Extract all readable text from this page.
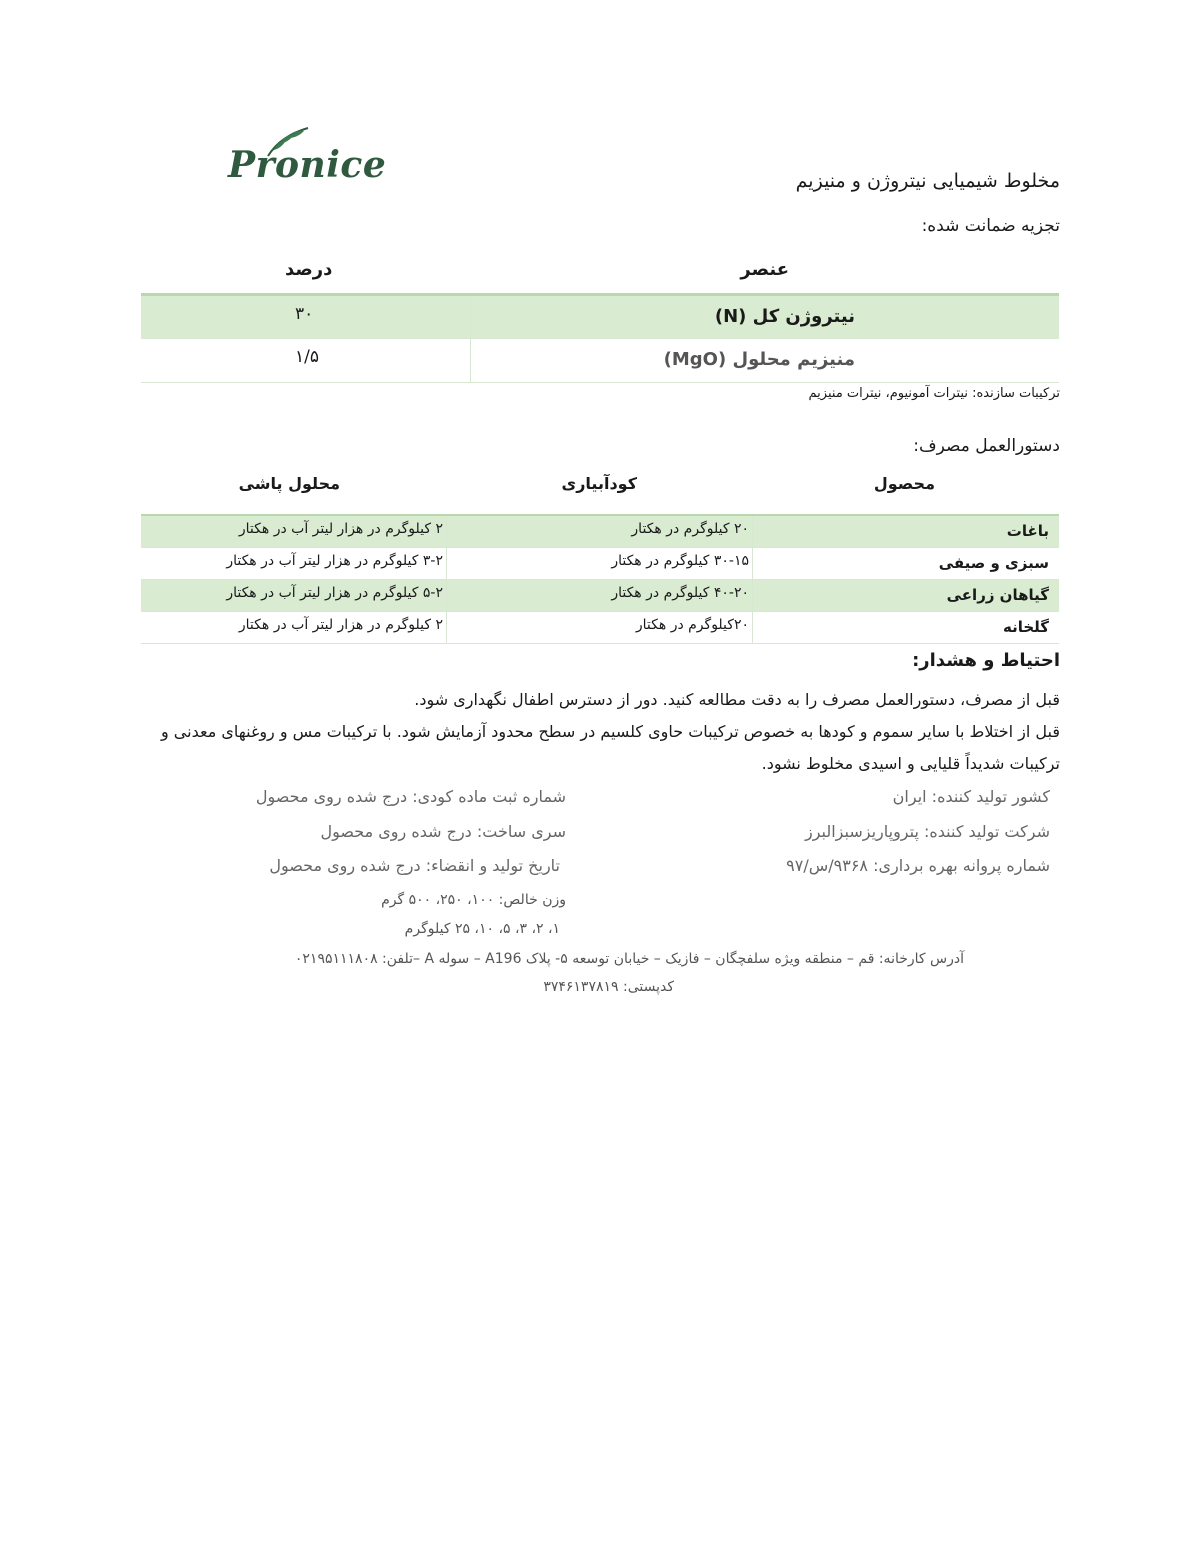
Pronice	مخلوط شیمیایی نیتروژن و منیزیم
تجزیه ضمانت شده:
عنصر
درصد
نیتروژن کل (N)
۳۰
منیزیم محلول (MgO)
۱/۵
ترکیبات سازنده: نیترات آمونیوم، نیترات منیزیم
دستورالعمل مصرف:
محصول
کودآبیاری
محلول پاشی
باغات
۲۰ کیلوگرم در هکتار
۲ کیلوگرم در هزار لیتر آب در هکتار
سبزی و صیفی
۳۰-۱۵ کیلوگرم در هکتار
۳-۲ کیلوگرم در هزار لیتر آب در هکتار
گیاهان زراعی
۴۰-۲۰ کیلوگرم در هکتار
۵-۲ کیلوگرم در هزار لیتر آب در هکتار
گلخانه
۲۰کیلوگرم در هکتار
۲ کیلوگرم در هزار لیتر آب در هکتار
احتیاط و هشدار:
قبل از مصرف، دستورالعمل مصرف را به دقت مطالعه کنید. دور از دسترس اطفال نگهداری شود.
قبل از اختلاط با سایر سموم و کودها به خصوص ترکیبات حاوی کلسیم در سطح محدود آزمایش شود. با ترکیبات مس و روغنهای معدنی و ترکیبات شدیداً قلیایی و اسیدی مخلوط نشود.
کشور تولید کننده: ایران
شرکت تولید کننده: پتروپاریزسبزالبرز
شماره پروانه بهره برداری: ۹۳۶۸/س/۹۷
شماره ثبت ماده کودی: درج شده روی محصول
سری ساخت: درج شده روی محصول
تاریخ تولید و انقضاء: درج شده روی محصول
وزن خالص: ۱۰۰، ۲۵۰، ۵۰۰ گرم
۱، ۲، ۳، ۵، ۱۰، ۲۵ کیلوگرم
آدرس کارخانه: قم – منطقه ویژه سلفچگان – فازیک – خیابان توسعه ۵- پلاک A196 – سوله A –تلفن: ۰۲۱۹۵۱۱۱۸۰۸
کدپستی: ۳۷۴۶۱۳۷۸۱۹
